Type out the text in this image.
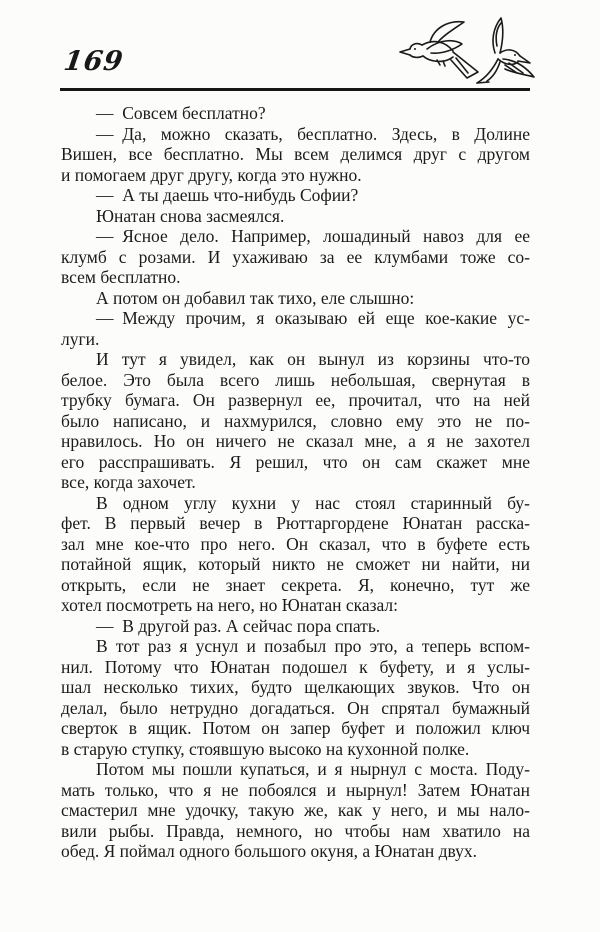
169
— Совсем бесплатно?
— Да, можно сказать, бесплатно. Здесь, в Долине
Вишен, все бесплатно. Мы всем делимся друг с другом
и помогаем друг другу, когда это нужно.
— А ты даешь что-нибудь Софии?
Юнатан снова засмеялся.
— Ясное дело. Например, лошадиный навоз для ее
клумб с розами. И ухаживаю за ее клумбами тоже со-
всем бесплатно.
А потом он добавил так тихо, еле слышно:
— Между прочим, я оказываю ей еще кое-какие ус-
луги.
И тут я увидел, как он вынул из корзины что-то
белое. Это была всего лишь небольшая, свернутая в
трубку бумага. Он развернул ее, прочитал, что на ней
было написано, и нахмурился, словно ему это не по-
нравилось. Но он ничего не сказал мне, а я не захотел
его расспрашивать. Я решил, что он сам скажет мне
все, когда захочет.
В одном углу кухни у нас стоял старинный бу-
фет. В первый вечер в Рюттаргордене Юнатан расска-
зал мне кое-что про него. Он сказал, что в буфете есть
потайной ящик, который никто не сможет ни найти, ни
открыть, если не знает секрета. Я, конечно, тут же
хотел посмотреть на него, но Юнатан сказал:
— В другой раз. А сейчас пора спать.
В тот раз я уснул и позабыл про это, а теперь вспом-
нил. Потому что Юнатан подошел к буфету, и я услы-
шал несколько тихих, будто щелкающих звуков. Что он
делал, было нетрудно догадаться. Он спрятал бумажный
сверток в ящик. Потом он запер буфет и положил ключ
в старую ступку, стоявшую высоко на кухонной полке.
Потом мы пошли купаться, и я нырнул с моста. Поду-
мать только, что я не побоялся и нырнул! Затем Юнатан
смастерил мне удочку, такую же, как у него, и мы нало-
вили рыбы. Правда, немного, но чтобы нам хватило на
обед. Я поймал одного большого окуня, а Юнатан двух.
